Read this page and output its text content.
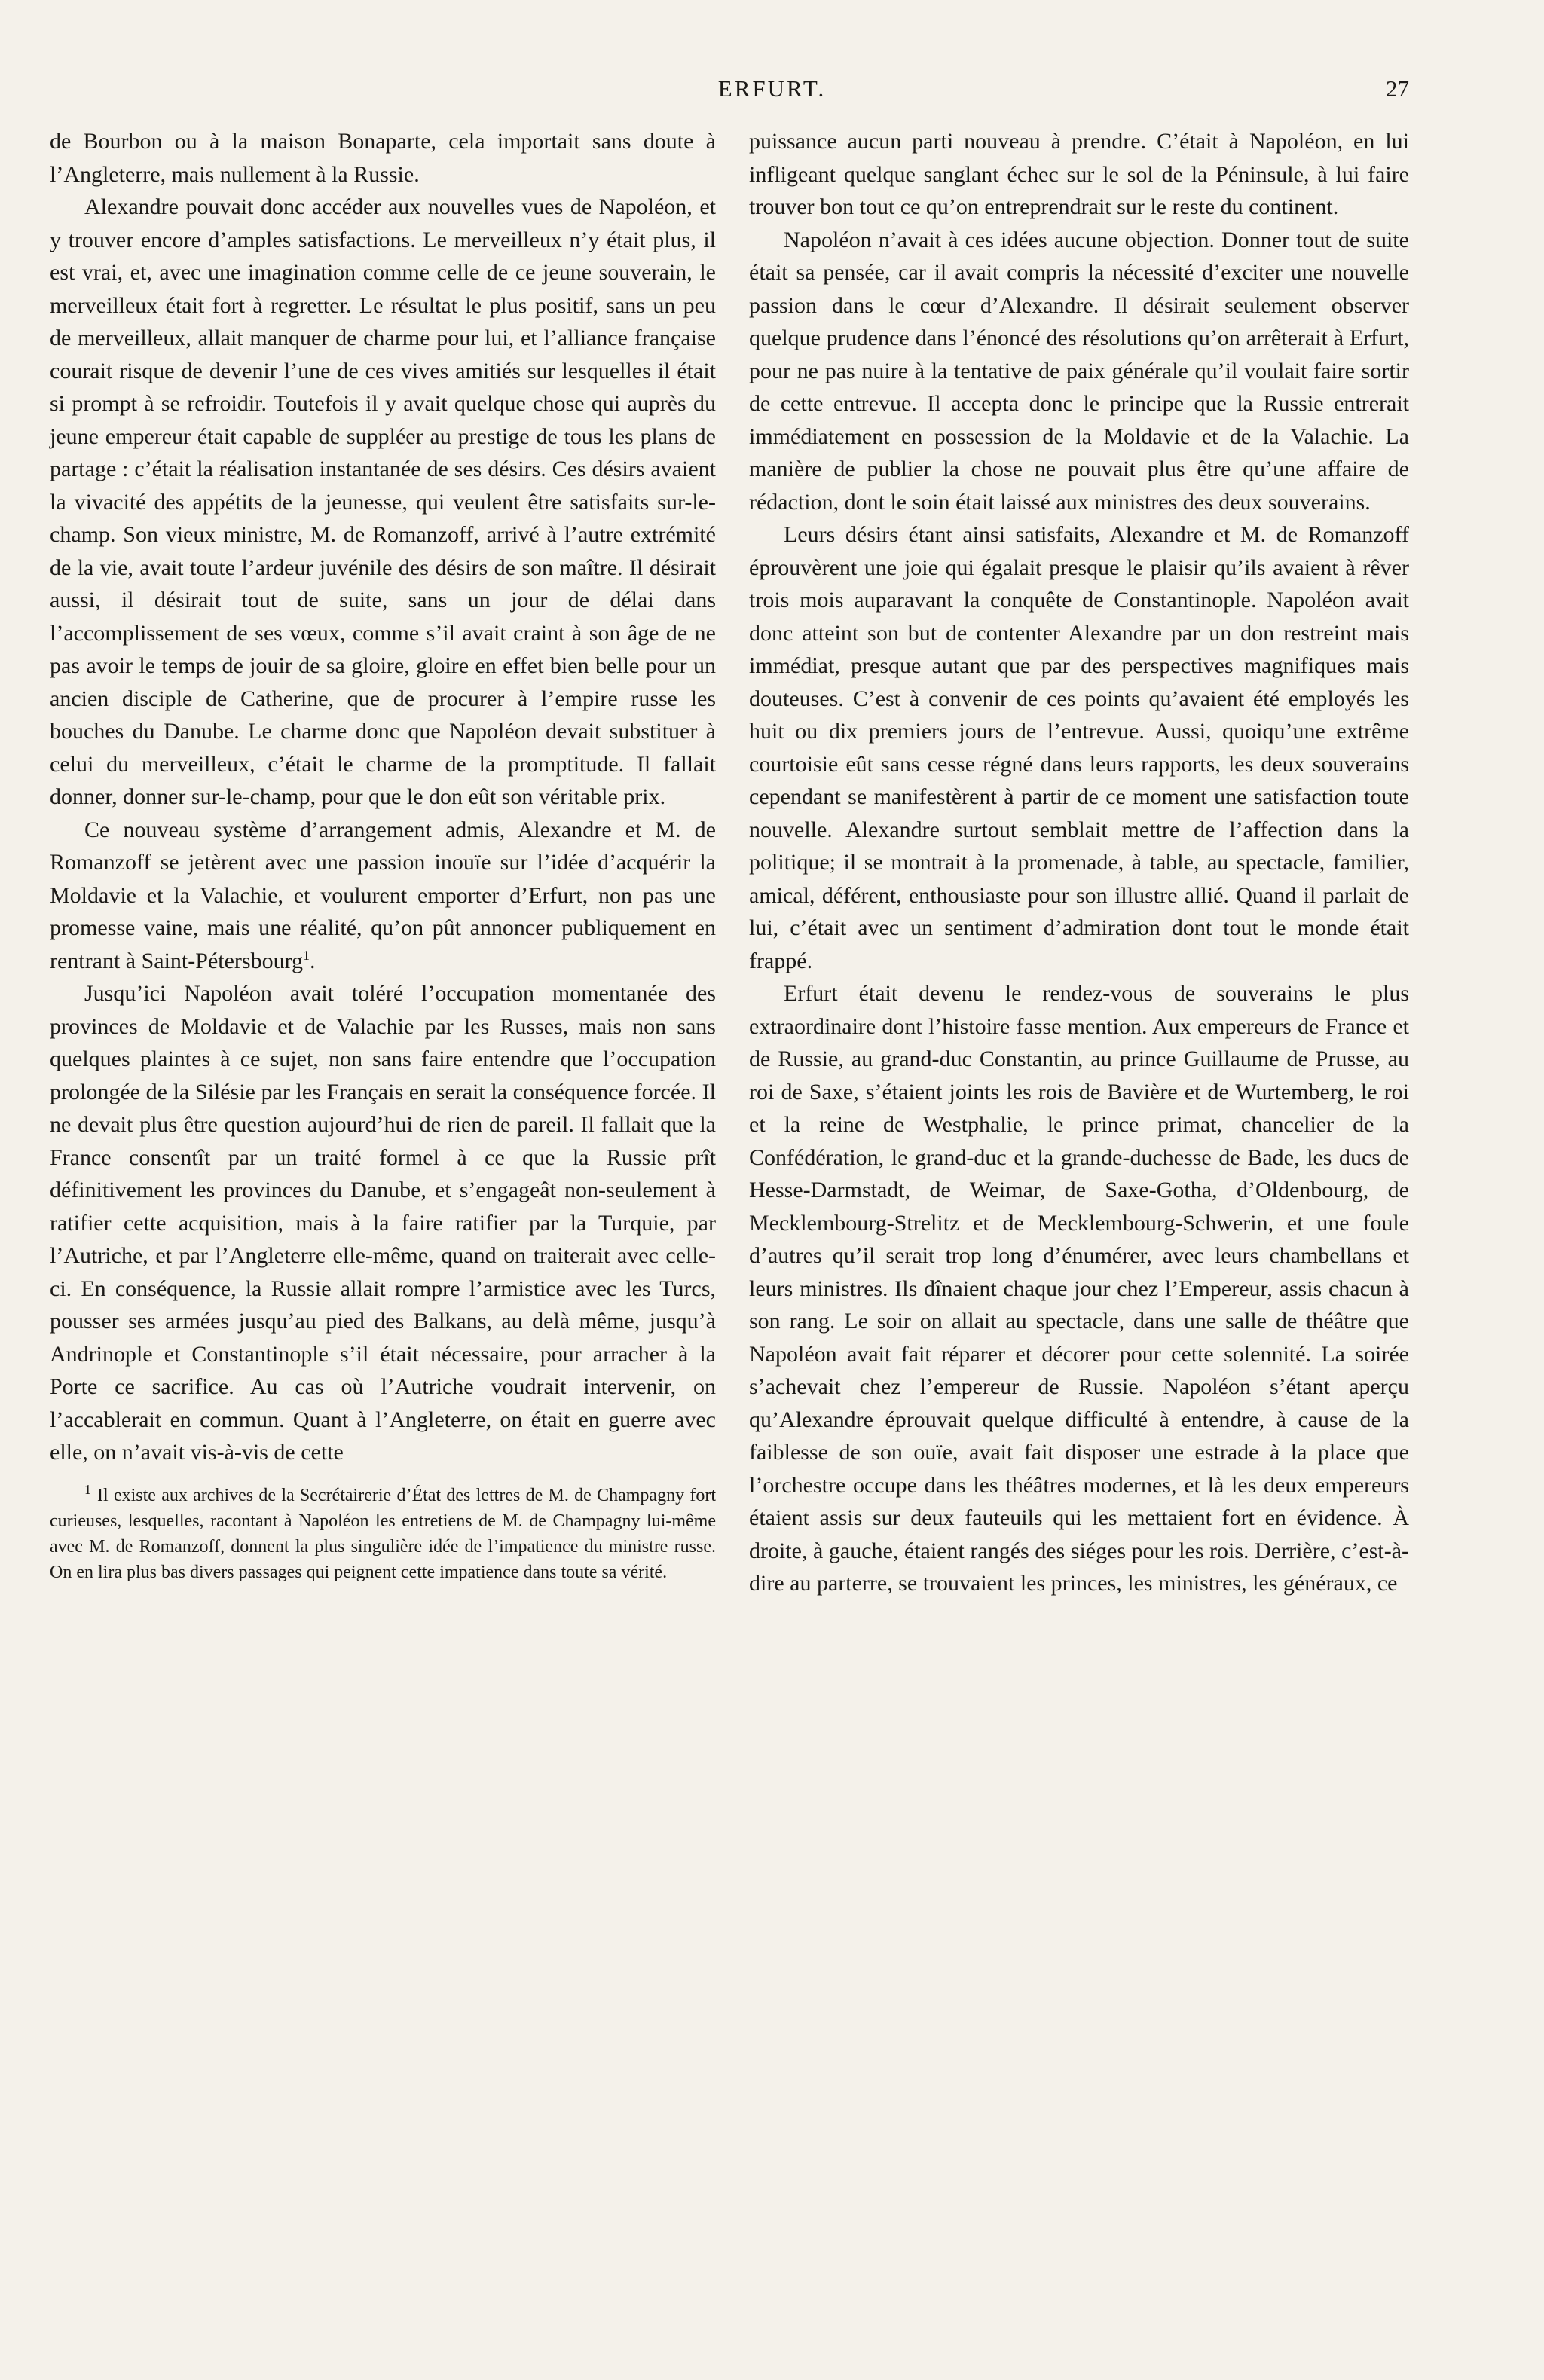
ERFURT.	27

de Bourbon ou à la maison Bonaparte, cela importait sans doute à l’Angleterre, mais nullement à la Russie.

Alexandre pouvait donc accéder aux nouvelles vues de Napoléon, et y trouver encore d’amples satisfactions. Le merveilleux n’y était plus, il est vrai, et, avec une imagination comme celle de ce jeune souverain, le merveilleux était fort à regretter. Le résultat le plus positif, sans un peu de merveilleux, allait manquer de charme pour lui, et l’alliance française courait risque de devenir l’une de ces vives amitiés sur lesquelles il était si prompt à se refroidir. Toutefois il y avait quelque chose qui auprès du jeune empereur était capable de suppléer au prestige de tous les plans de partage : c’était la réalisation instantanée de ses désirs. Ces désirs avaient la vivacité des appétits de la jeunesse, qui veulent être satisfaits sur-le-champ. Son vieux ministre, M. de Romanzoff, arrivé à l’autre extrémité de la vie, avait toute l’ardeur juvénile des désirs de son maître. Il désirait aussi, il désirait tout de suite, sans un jour de délai dans l’accomplissement de ses vœux, comme s’il avait craint à son âge de ne pas avoir le temps de jouir de sa gloire, gloire en effet bien belle pour un ancien disciple de Catherine, que de procurer à l’empire russe les bouches du Danube. Le charme donc que Napoléon devait substituer à celui du merveilleux, c’était le charme de la promptitude. Il fallait donner, donner sur-le-champ, pour que le don eût son véritable prix.

Ce nouveau système d’arrangement admis, Alexandre et M. de Romanzoff se jetèrent avec une passion inouïe sur l’idée d’acquérir la Moldavie et la Valachie, et voulurent emporter d’Erfurt, non pas une promesse vaine, mais une réalité, qu’on pût annoncer publiquement en rentrant à Saint-Pétersbourg$^1$.

Jusqu’ici Napoléon avait toléré l’occupation momentanée des provinces de Moldavie et de Valachie par les Russes, mais non sans quelques plaintes à ce sujet, non sans faire entendre que l’occupation prolongée de la Silésie par les Français en serait la conséquence forcée. Il ne devait plus être question aujourd’hui de rien de pareil. Il fallait que la France consentît par un traité formel à ce que la Russie prît définitivement les provinces du Danube, et s’engageât non-seulement à ratifier cette acquisition, mais à la faire ratifier par la Turquie, par l’Autriche, et par l’Angleterre elle-même, quand on traiterait avec celle-ci. En conséquence, la Russie allait rompre l’armistice avec les Turcs, pousser ses armées jusqu’au pied des Balkans, au delà même, jusqu’à Andrinople et Constantinople s’il était nécessaire, pour arracher à la Porte ce sacrifice. Au cas où l’Autriche voudrait intervenir, on l’accablerait en commun. Quant à l’Angleterre, on était en guerre avec elle, on n’avait vis-à-vis de cette

$^1$ Il existe aux archives de la Secrétairerie d’État des lettres de M. de Champagny fort curieuses, lesquelles, racontant à Napoléon les entretiens de M. de Champagny lui-même avec M. de Romanzoff, donnent la plus singulière idée de l’impatience du ministre russe. On en lira plus bas divers passages qui peignent cette impatience dans toute sa vérité.

puissance aucun parti nouveau à prendre. C’était à Napoléon, en lui infligeant quelque sanglant échec sur le sol de la Péninsule, à lui faire trouver bon tout ce qu’on entreprendrait sur le reste du continent.

Napoléon n’avait à ces idées aucune objection. Donner tout de suite était sa pensée, car il avait compris la nécessité d’exciter une nouvelle passion dans le cœur d’Alexandre. Il désirait seulement observer quelque prudence dans l’énoncé des résolutions qu’on arrêterait à Erfurt, pour ne pas nuire à la tentative de paix générale qu’il voulait faire sortir de cette entrevue. Il accepta donc le principe que la Russie entrerait immédiatement en possession de la Moldavie et de la Valachie. La manière de publier la chose ne pouvait plus être qu’une affaire de rédaction, dont le soin était laissé aux ministres des deux souverains.

Leurs désirs étant ainsi satisfaits, Alexandre et M. de Romanzoff éprouvèrent une joie qui égalait presque le plaisir qu’ils avaient à rêver trois mois auparavant la conquête de Constantinople. Napoléon avait donc atteint son but de contenter Alexandre par un don restreint mais immédiat, presque autant que par des perspectives magnifiques mais douteuses. C’est à convenir de ces points qu’avaient été employés les huit ou dix premiers jours de l’entrevue. Aussi, quoiqu’une extrême courtoisie eût sans cesse régné dans leurs rapports, les deux souverains cependant se manifestèrent à partir de ce moment une satisfaction toute nouvelle. Alexandre surtout semblait mettre de l’affection dans la politique; il se montrait à la promenade, à table, au spectacle, familier, amical, déférent, enthousiaste pour son illustre allié. Quand il parlait de lui, c’était avec un sentiment d’admiration dont tout le monde était frappé.

Erfurt était devenu le rendez-vous de souverains le plus extraordinaire dont l’histoire fasse mention. Aux empereurs de France et de Russie, au grand-duc Constantin, au prince Guillaume de Prusse, au roi de Saxe, s’étaient joints les rois de Bavière et de Wurtemberg, le roi et la reine de Westphalie, le prince primat, chancelier de la Confédération, le grand-duc et la grande-duchesse de Bade, les ducs de Hesse-Darmstadt, de Weimar, de Saxe-Gotha, d’Oldenbourg, de Mecklembourg-Strelitz et de Mecklembourg-Schwerin, et une foule d’autres qu’il serait trop long d’énumérer, avec leurs chambellans et leurs ministres. Ils dînaient chaque jour chez l’Empereur, assis chacun à son rang. Le soir on allait au spectacle, dans une salle de théâtre que Napoléon avait fait réparer et décorer pour cette solennité. La soirée s’achevait chez l’empereur de Russie. Napoléon s’étant aperçu qu’Alexandre éprouvait quelque difficulté à entendre, à cause de la faiblesse de son ouïe, avait fait disposer une estrade à la place que l’orchestre occupe dans les théâtres modernes, et là les deux empereurs étaient assis sur deux fauteuils qui les mettaient fort en évidence. À droite, à gauche, étaient rangés des siéges pour les rois. Derrière, c’est-à-dire au parterre, se trouvaient les princes, les ministres, les généraux, ce
